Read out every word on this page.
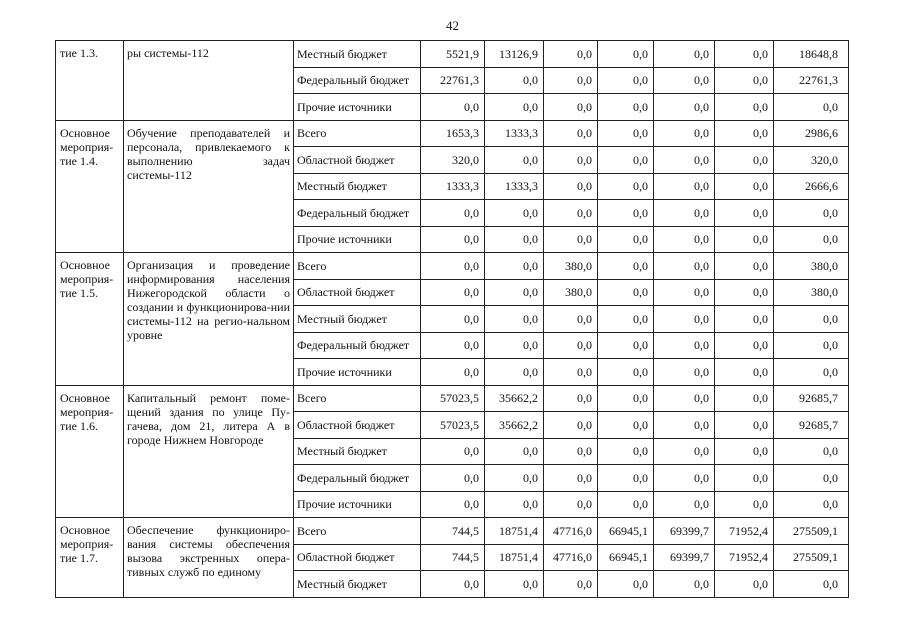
42
тие 1.3.	ры системы-112	Местный бюджет	5521,9	13126,9	0,0	0,0	0,0	0,0	18648,8
		Федеральный бюджет	22761,3	0,0	0,0	0,0	0,0	0,0	22761,3
		Прочие источники	0,0	0,0	0,0	0,0	0,0	0,0	0,0
Основное мероприя-тие 1.4.	Обучение преподавателей и персонала, привлекаемого к выполнению задач системы-112	Всего	1653,3	1333,3	0,0	0,0	0,0	0,0	2986,6
		Областной бюджет	320,0	0,0	0,0	0,0	0,0	0,0	320,0
		Местный бюджет	1333,3	1333,3	0,0	0,0	0,0	0,0	2666,6
		Федеральный бюджет	0,0	0,0	0,0	0,0	0,0	0,0	0,0
		Прочие источники	0,0	0,0	0,0	0,0	0,0	0,0	0,0
Основное мероприя-тие 1.5.	Организация и проведение информирования населения Нижегородской области о создании и функционирова-нии системы-112 на регио-нальном уровне	Всего	0,0	0,0	380,0	0,0	0,0	0,0	380,0
		Областной бюджет	0,0	0,0	380,0	0,0	0,0	0,0	380,0
		Местный бюджет	0,0	0,0	0,0	0,0	0,0	0,0	0,0
		Федеральный бюджет	0,0	0,0	0,0	0,0	0,0	0,0	0,0
		Прочие источники	0,0	0,0	0,0	0,0	0,0	0,0	0,0
Основное мероприя-тие 1.6.	Капитальный ремонт поме-щений здания по улице Пу-гачева, дом 21, литера А в городе Нижнем Новгороде	Всего	57023,5	35662,2	0,0	0,0	0,0	0,0	92685,7
		Областной бюджет	57023,5	35662,2	0,0	0,0	0,0	0,0	92685,7
		Местный бюджет	0,0	0,0	0,0	0,0	0,0	0,0	0,0
		Федеральный бюджет	0,0	0,0	0,0	0,0	0,0	0,0	0,0
		Прочие источники	0,0	0,0	0,0	0,0	0,0	0,0	0,0
Основное мероприя-тие 1.7.	Обеспечение функциониро-вания системы обеспечения вызова экстренных опера-тивных служб по единому	Всего	744,5	18751,4	47716,0	66945,1	69399,7	71952,4	275509,1
		Областной бюджет	744,5	18751,4	47716,0	66945,1	69399,7	71952,4	275509,1
		Местный бюджет	0,0	0,0	0,0	0,0	0,0	0,0	0,0
